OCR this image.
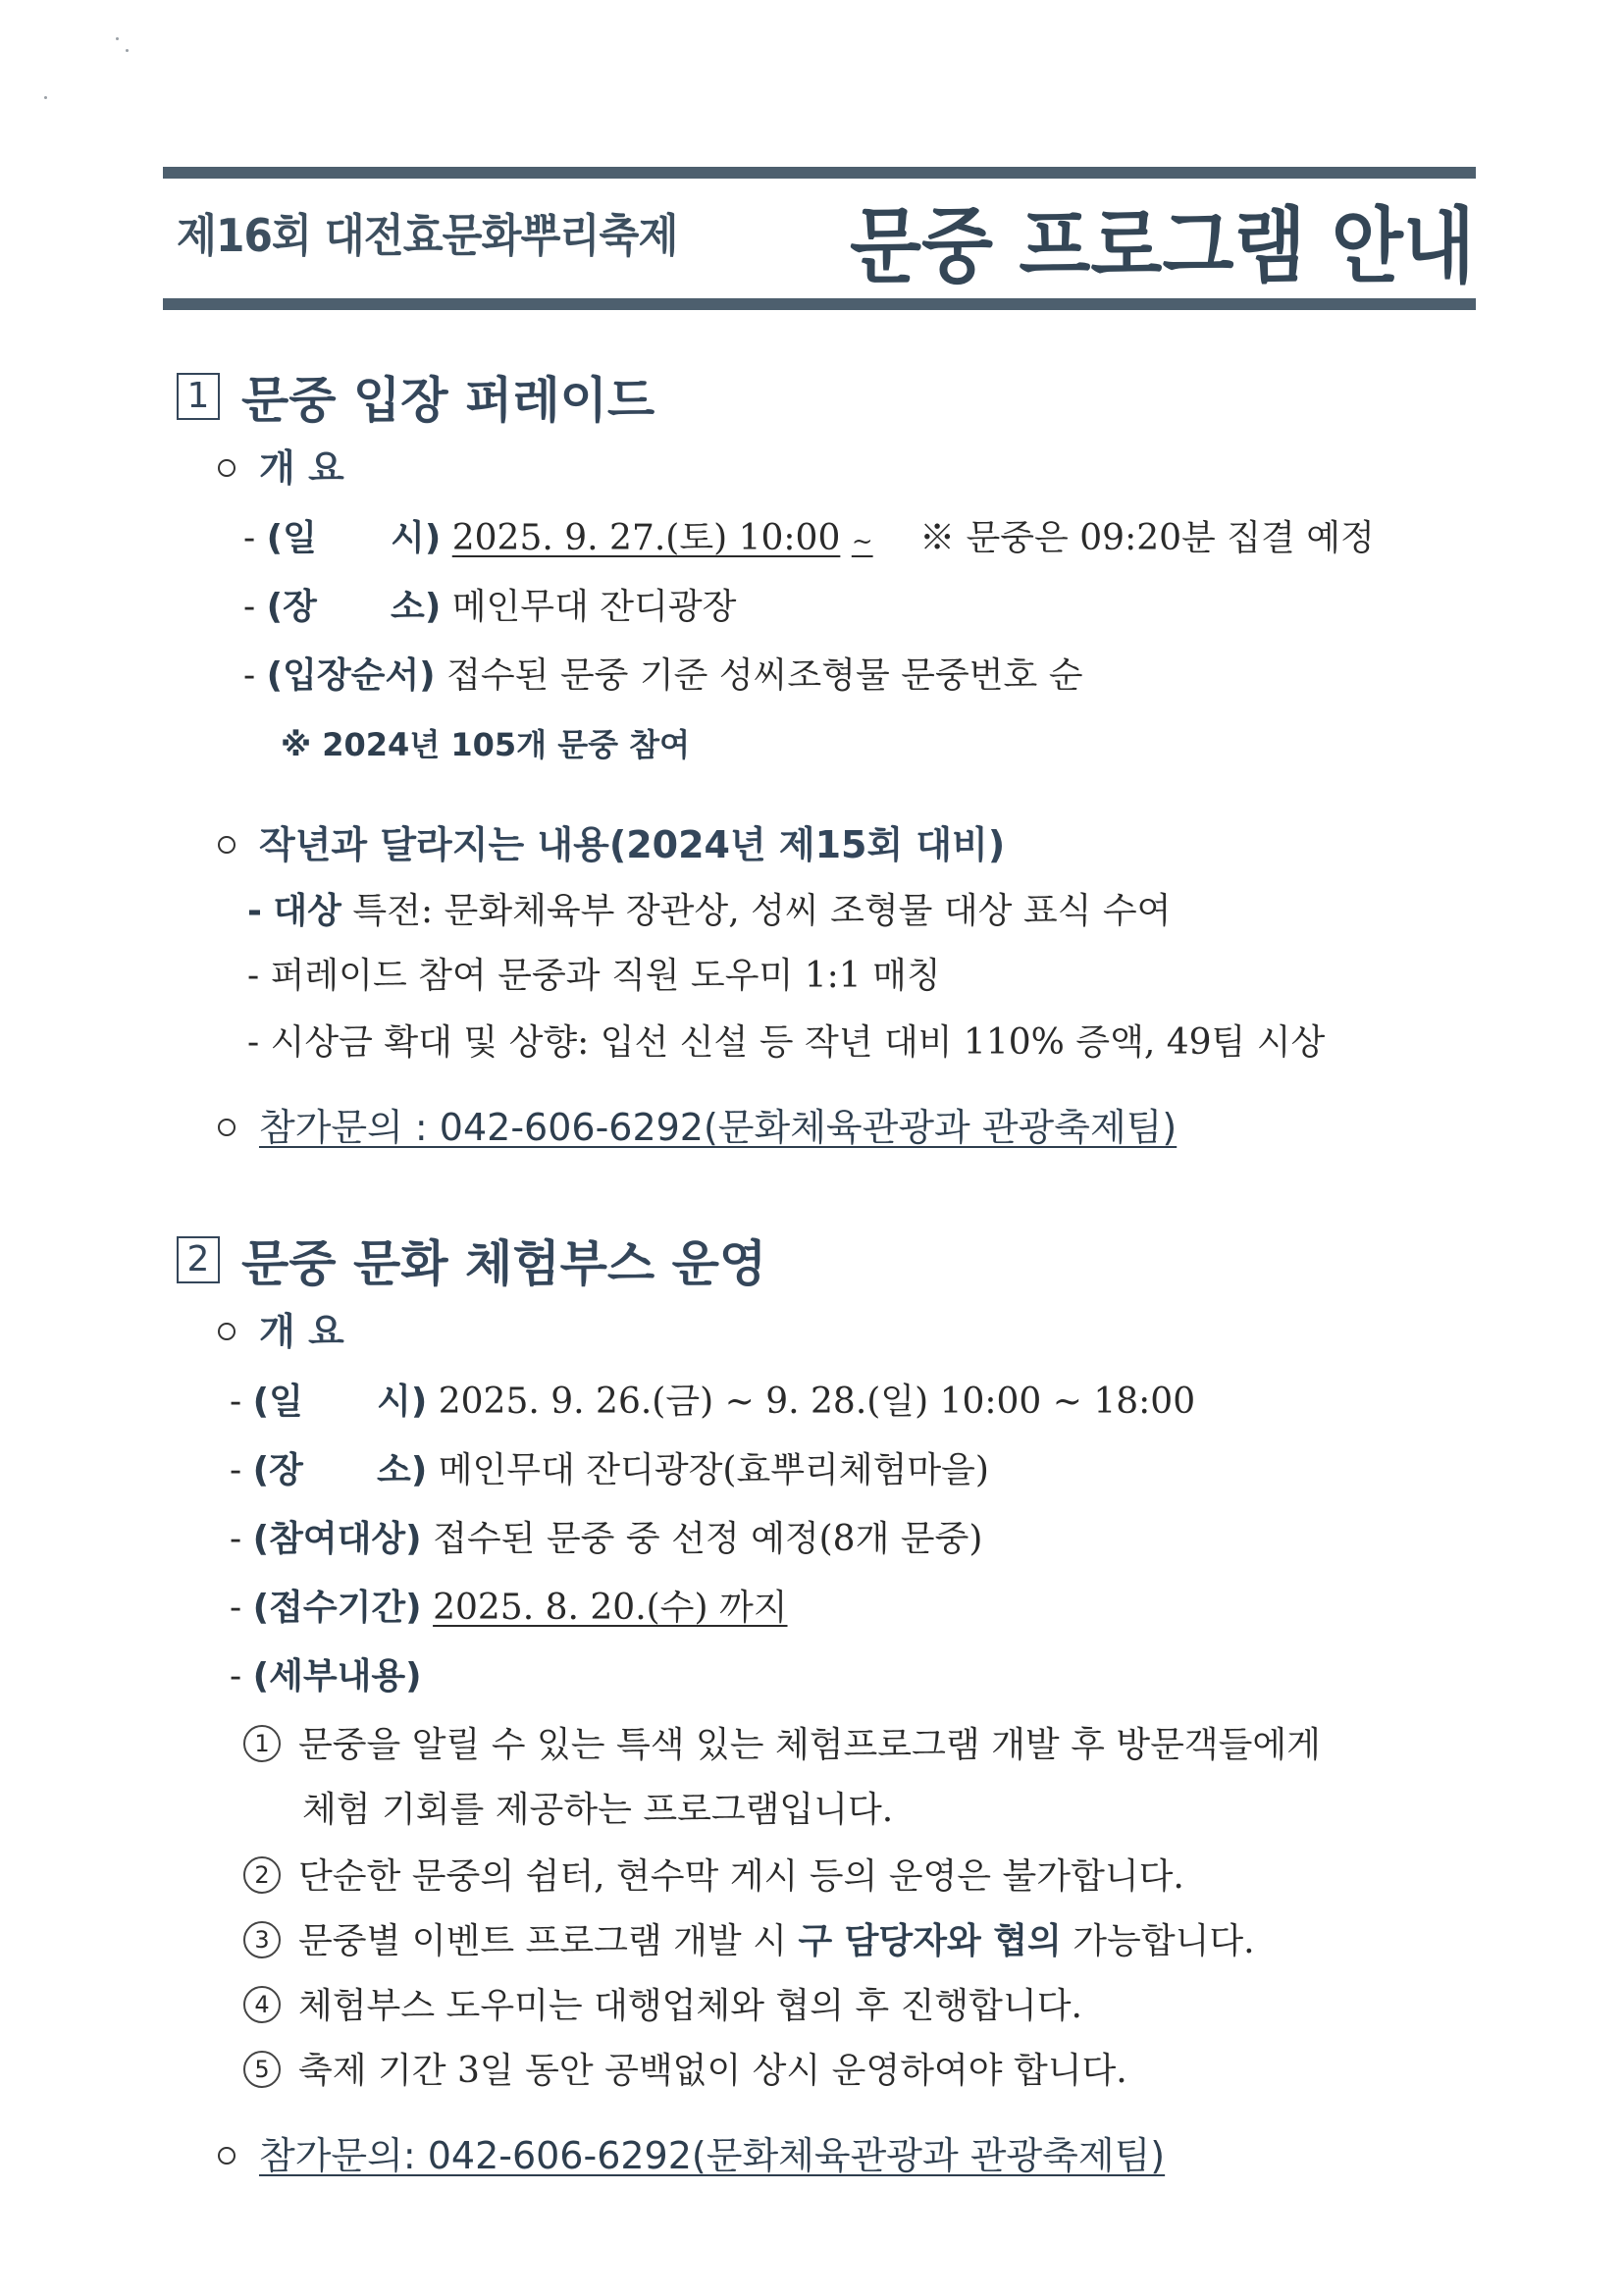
제16회 대전효문화뿌리축제 문중 프로그램 안내
1 문중 입장 퍼레이드
개 요
- (일      시) 2025. 9. 27.(토) 10:00 ~ ※ 문중은 09:20분 집결 예정
- (장      소) 메인무대 잔디광장
- (입장순서) 접수된 문중 기준 성씨조형물 문중번호 순
※ 2024년 105개 문중 참여
작년과 달라지는 내용(2024년 제15회 대비)
- 대상 특전: 문화체육부 장관상, 성씨 조형물 대상 표식 수여
- 퍼레이드 참여 문중과 직원 도우미 1:1 매칭
- 시상금 확대 및 상향: 입선 신설 등 작년 대비 110% 증액, 49팀 시상
참가문의 : 042-606-6292(문화체육관광과 관광축제팀)
2 문중 문화 체험부스 운영
개 요
- (일      시) 2025. 9. 26.(금) ~ 9. 28.(일) 10:00 ~ 18:00
- (장      소) 메인무대 잔디광장(효뿌리체험마을)
- (참여대상) 접수된 문중 중 선정 예정(8개 문중)
- (접수기간) 2025. 8. 20.(수) 까지
- (세부내용)
1 문중을 알릴 수 있는 특색 있는 체험프로그램 개발 후 방문객들에게
체험 기회를 제공하는 프로그램입니다.
2 단순한 문중의 쉼터, 현수막 게시 등의 운영은 불가합니다.
3 문중별 이벤트 프로그램 개발 시 구 담당자와 협의 가능합니다.
4 체험부스 도우미는 대행업체와 협의 후 진행합니다.
5 축제 기간 3일 동안 공백없이 상시 운영하여야 합니다.
참가문의: 042-606-6292(문화체육관광과 관광축제팀)
